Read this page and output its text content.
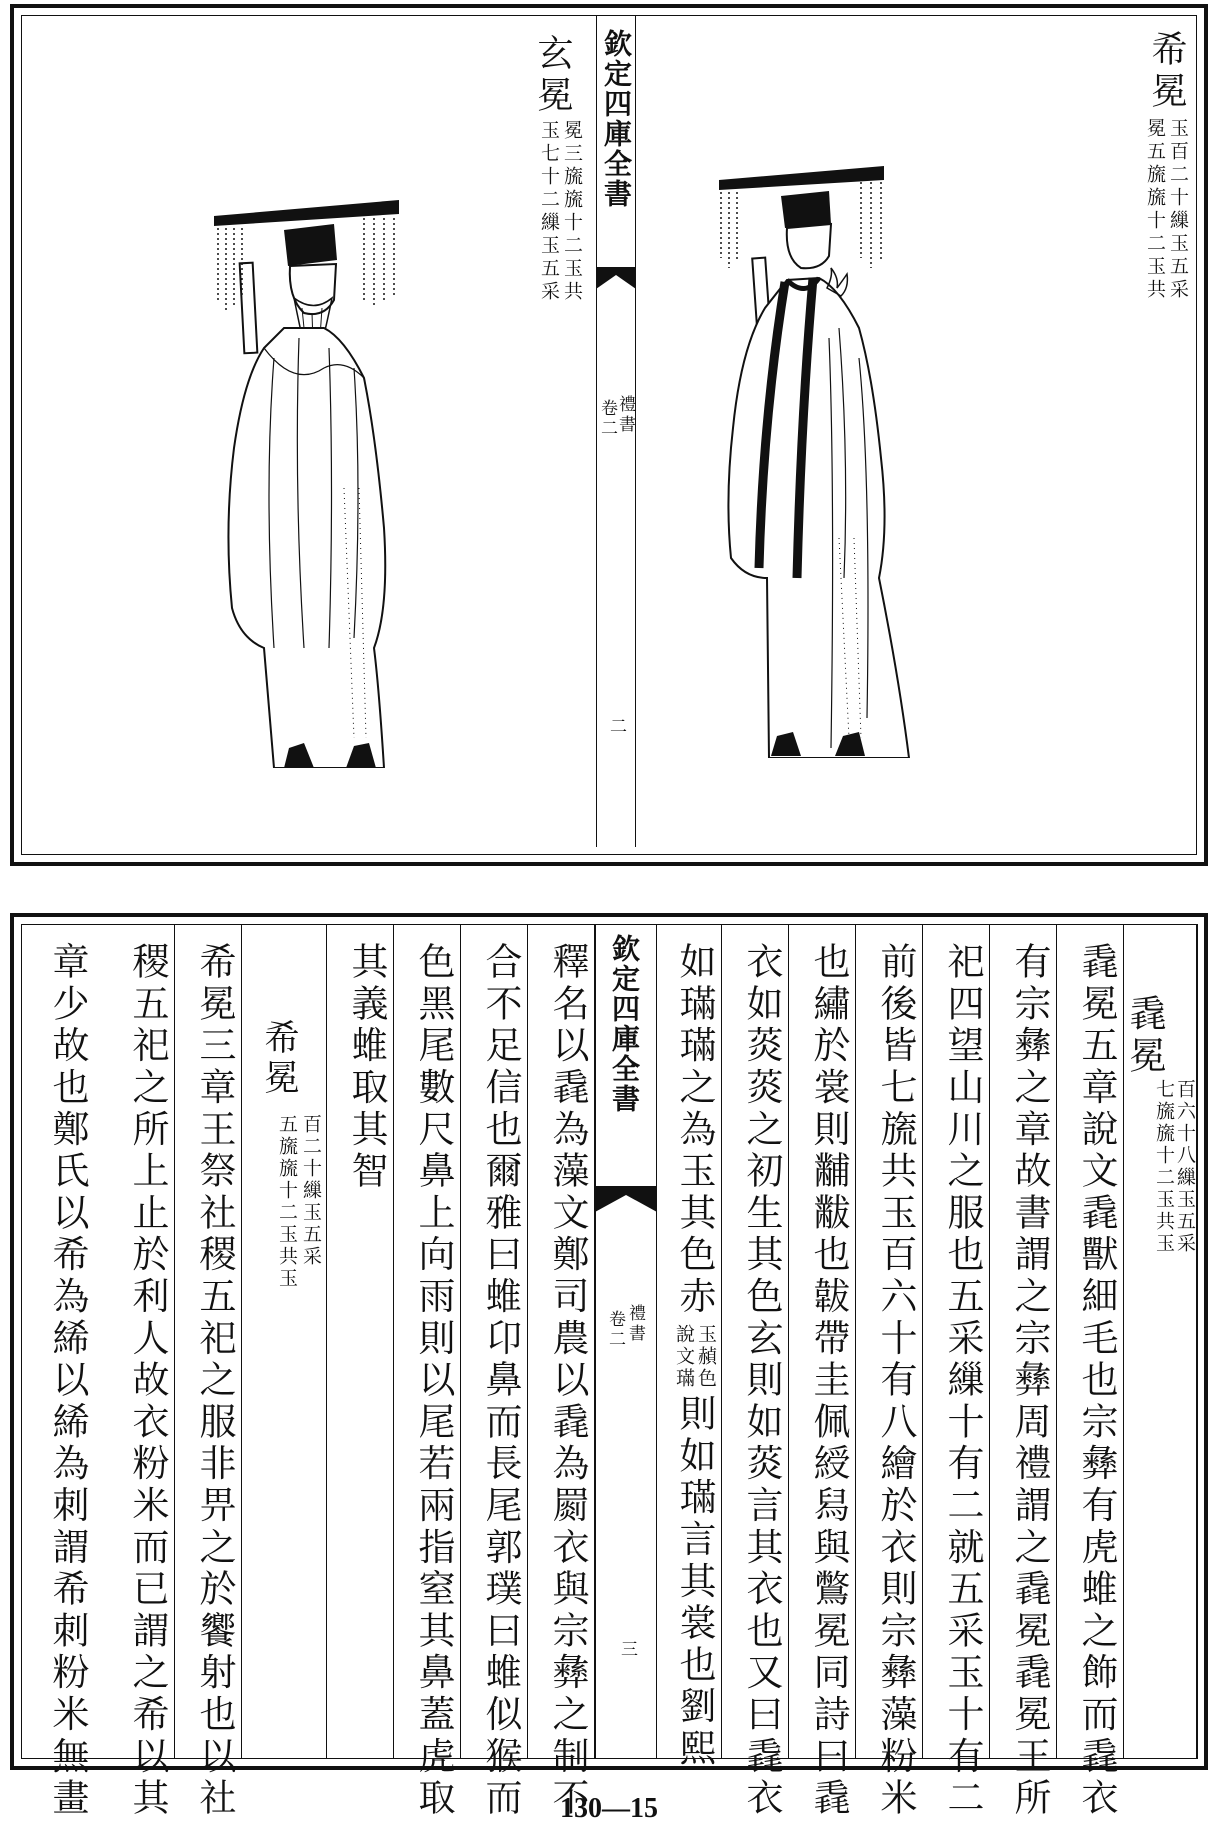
希冕
冕五旒旒十二玉共 玉百二十繅玉五采
欽定四庫全書
禮書
卷二
二
玄冕
冕三旒旒十二玉共
玉七十二繅玉五采
毳冕
七旒旒十二玉共玉 百六十八繅玉五采
毳冕五章說文毳獸細毛也宗彝有虎蜼之飾而毳衣
有宗彝之章故書謂之宗彝周禮謂之毳冕毳冕王所
祀四望山川之服也五采繅十有二就五采玉十有二
前後皆七旒共玉百六十有八繪於衣則宗彝藻粉米
也繡於裳則黼黻也韍帶圭佩綬舄與鷩冕同詩曰毳
衣如菼菼之初生其色玄則如菼言其衣也又曰毳衣
如璊璊之為玉其色赤
說文璊 玉赬色
則如璊言其裳也劉熙
欽定四庫全書
禮書
卷二
三
釋名以毳為藻文鄭司農以毳為罽衣與宗彝之制不
合不足信也爾雅曰蜼卬鼻而長尾郭璞曰蜼似猴而
色黑尾數尺鼻上向雨則以尾若兩指窒其鼻蓋虎取
其義蜼取其智
希冕
五旒旒十二玉共玉 百二十繅玉五采
希冕三章王祭社稷五祀之服非畀之於饗射也以社
稷五祀之所上止於利人故衣粉米而已謂之希以其
章少故也鄭氏以希為絺以絺為刺謂希刺粉米無畫	130—15
